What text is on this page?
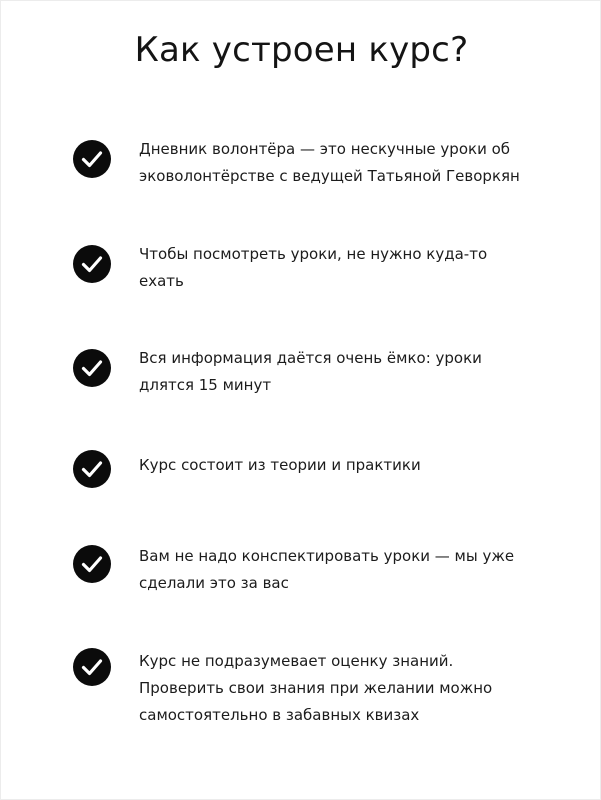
Как устроен курс?

Дневник волонтёра — это нескучные уроки об эковолонтёрстве с ведущей Татьяной Геворкян

Чтобы посмотреть уроки, не нужно куда-то ехать

Вся информация даётся очень ёмко: уроки длятся 15 минут

Курс состоит из теории и практики

Вам не надо конспектировать уроки — мы уже сделали это за вас

Курс не подразумевает оценку знаний. Проверить свои знания при желании можно самостоятельно в забавных квизах
